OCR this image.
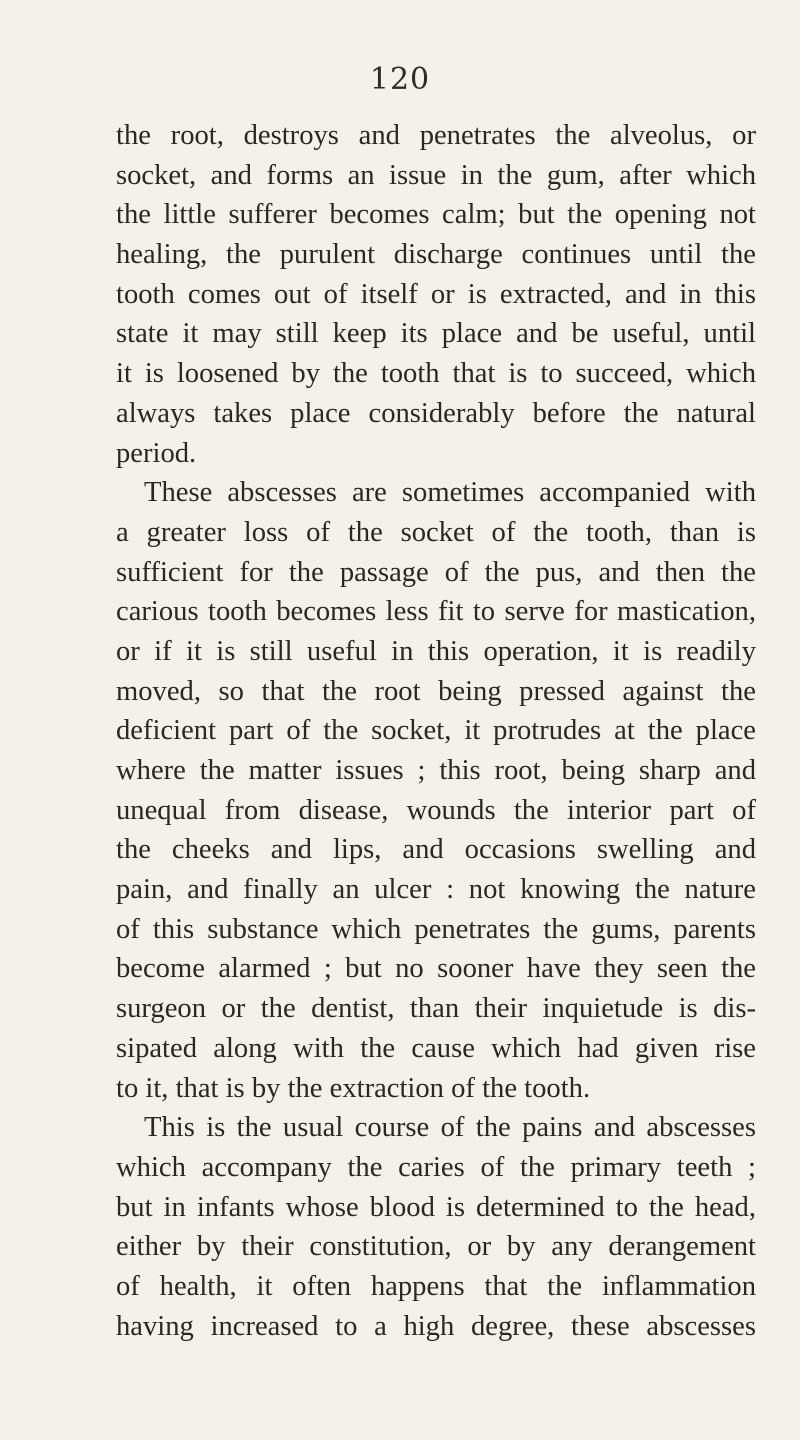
120
the root, destroys and penetrates the alveolus, or
socket, and forms an issue in the gum, after which
the little sufferer becomes calm; but the opening not
healing, the purulent discharge continues until the
tooth comes out of itself or is extracted, and in this
state it may still keep its place and be useful, until
it is loosened by the tooth that is to succeed, which
always takes place considerably before the natural
period.
These abscesses are sometimes accompanied with
a greater loss of the socket of the tooth, than is
sufficient for the passage of the pus, and then the
carious tooth becomes less fit to serve for mastication,
or if it is still useful in this operation, it is readily
moved, so that the root being pressed against the
deficient part of the socket, it protrudes at the place
where the matter issues ; this root, being sharp and
unequal from disease, wounds the interior part of
the cheeks and lips, and occasions swelling and
pain, and finally an ulcer : not knowing the nature
of this substance which penetrates the gums, parents
become alarmed ; but no sooner have they seen the
surgeon or the dentist, than their inquietude is dis-
sipated along with the cause which had given rise
to it, that is by the extraction of the tooth.
This is the usual course of the pains and abscesses
which accompany the caries of the primary teeth ;
but in infants whose blood is determined to the head,
either by their constitution, or by any derangement
of health, it often happens that the inflammation
having increased to a high degree, these abscesses
